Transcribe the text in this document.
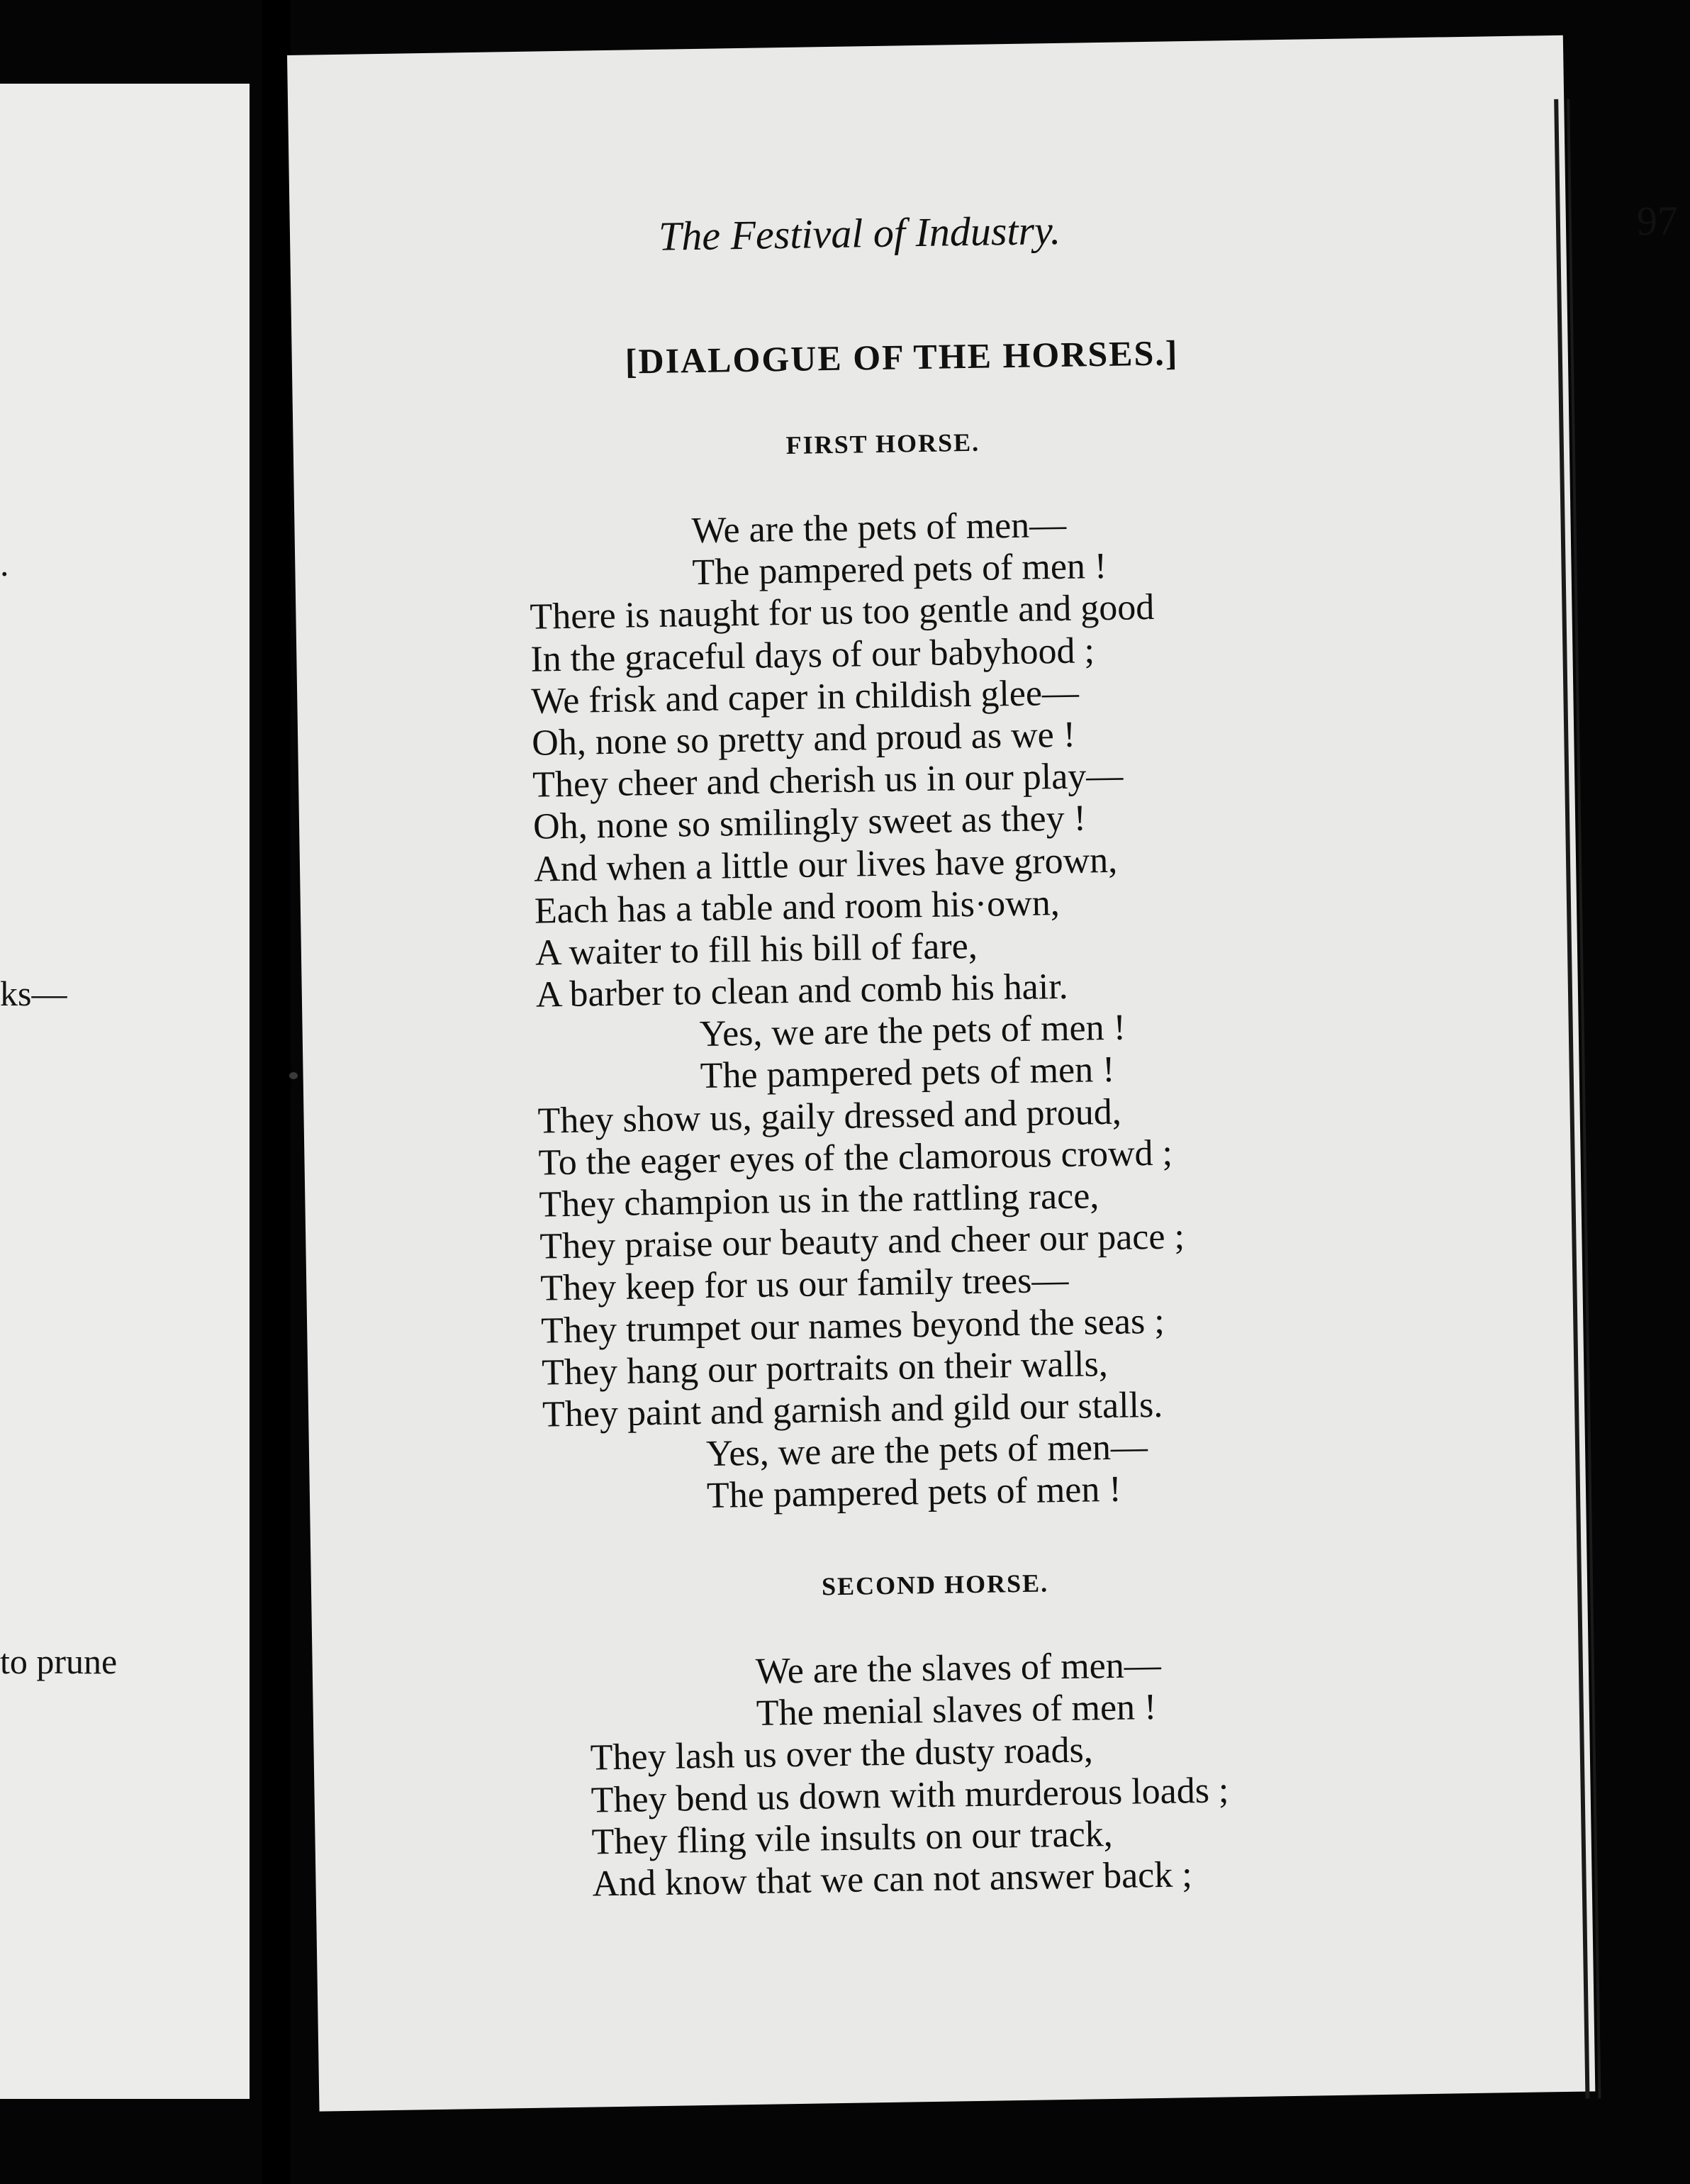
.
ks—
to prune
The Festival of Industry.	97
[DIALOGUE OF THE HORSES.]
FIRST HORSE.
We are the pets of men—
The pampered pets of men !
There is naught for us too gentle and good
In the graceful days of our babyhood ;
We frisk and caper in childish glee—
Oh, none so pretty and proud as we !
They cheer and cherish us in our play—
Oh, none so smilingly sweet as they !
And when a little our lives have grown,
Each has a table and room his·own,
A waiter to fill his bill of fare,
A barber to clean and comb his hair.
Yes, we are the pets of men !
The pampered pets of men !
They show us, gaily dressed and proud,
To the eager eyes of the clamorous crowd ;
They champion us in the rattling race,
They praise our beauty and cheer our pace ;
They keep for us our family trees—
They trumpet our names beyond the seas ;
They hang our portraits on their walls,
They paint and garnish and gild our stalls.
Yes, we are the pets of men—
The pampered pets of men !
SECOND HORSE.
We are the slaves of men—
The menial slaves of men !
They lash us over the dusty roads,
They bend us down with murderous loads ;
They fling vile insults on our track,
And know that we can not answer back ;
